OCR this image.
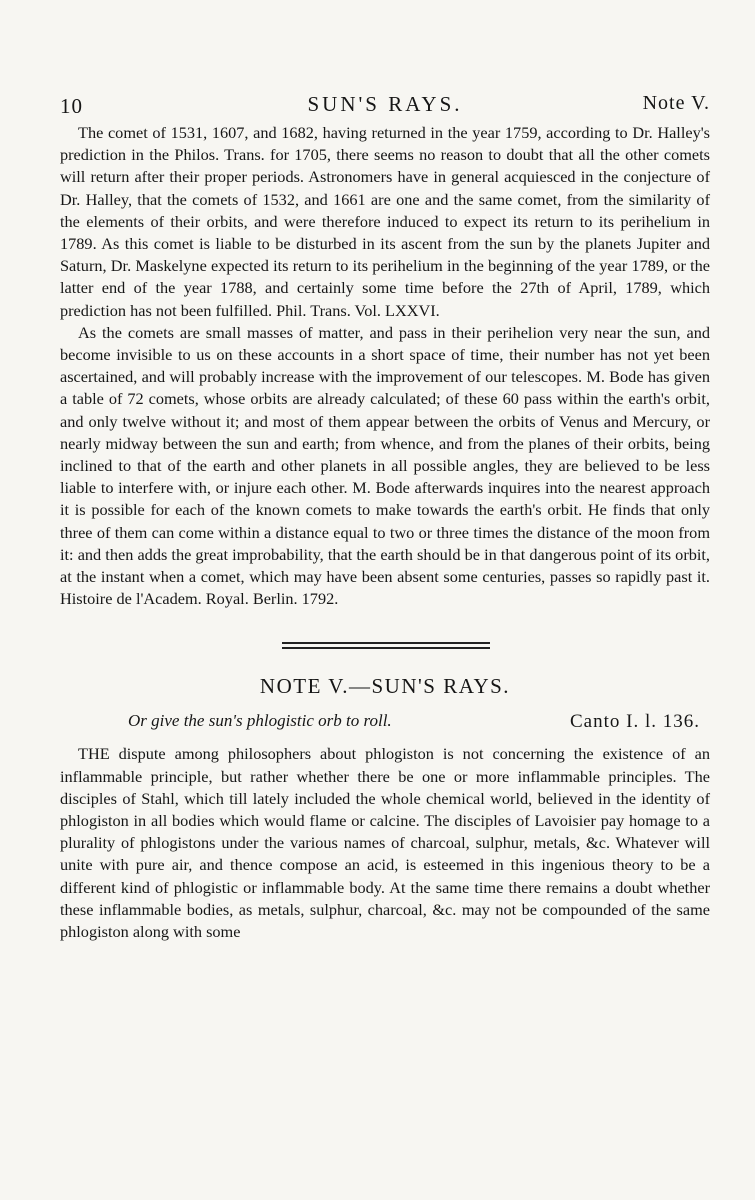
10	SUN'S RAYS.	Note V.

The comet of 1531, 1607, and 1682, having returned in the year 1759, according to Dr. Halley's prediction in the Philos. Trans. for 1705, there seems no reason to doubt that all the other comets will return after their proper periods. Astronomers have in general acquiesced in the conjecture of Dr. Halley, that the comets of 1532, and 1661 are one and the same comet, from the similarity of the elements of their orbits, and were therefore induced to expect its return to its perihelium in 1789. As this comet is liable to be disturbed in its ascent from the sun by the planets Jupiter and Saturn, Dr. Maskelyne expected its return to its perihelium in the beginning of the year 1789, or the latter end of the year 1788, and certainly some time before the 27th of April, 1789, which prediction has not been fulfilled. Phil. Trans. Vol. LXXVI.

As the comets are small masses of matter, and pass in their perihelion very near the sun, and become invisible to us on these accounts in a short space of time, their number has not yet been ascertained, and will probably increase with the improvement of our telescopes. M. Bode has given a table of 72 comets, whose orbits are already calculated; of these 60 pass within the earth's orbit, and only twelve without it; and most of them appear between the orbits of Venus and Mercury, or nearly midway between the sun and earth; from whence, and from the planes of their orbits, being inclined to that of the earth and other planets in all possible angles, they are believed to be less liable to interfere with, or injure each other. M. Bode afterwards inquires into the nearest approach it is possible for each of the known comets to make towards the earth's orbit. He finds that only three of them can come within a distance equal to two or three times the distance of the moon from it: and then adds the great improbability, that the earth should be in that dangerous point of its orbit, at the instant when a comet, which may have been absent some centuries, passes so rapidly past it. Histoire de l'Academ. Royal. Berlin. 1792.

NOTE V.—SUN'S RAYS.
Or give the sun's phlogistic orb to roll.	Canto I. l. 136.

THE dispute among philosophers about phlogiston is not concerning the existence of an inflammable principle, but rather whether there be one or more inflammable principles. The disciples of Stahl, which till lately included the whole chemical world, believed in the identity of phlogiston in all bodies which would flame or calcine. The disciples of Lavoisier pay homage to a plurality of phlogistons under the various names of charcoal, sulphur, metals, &c. Whatever will unite with pure air, and thence compose an acid, is esteemed in this ingenious theory to be a different kind of phlogistic or inflammable body. At the same time there remains a doubt whether these inflammable bodies, as metals, sulphur, charcoal, &c. may not be compounded of the same phlogiston along with some
